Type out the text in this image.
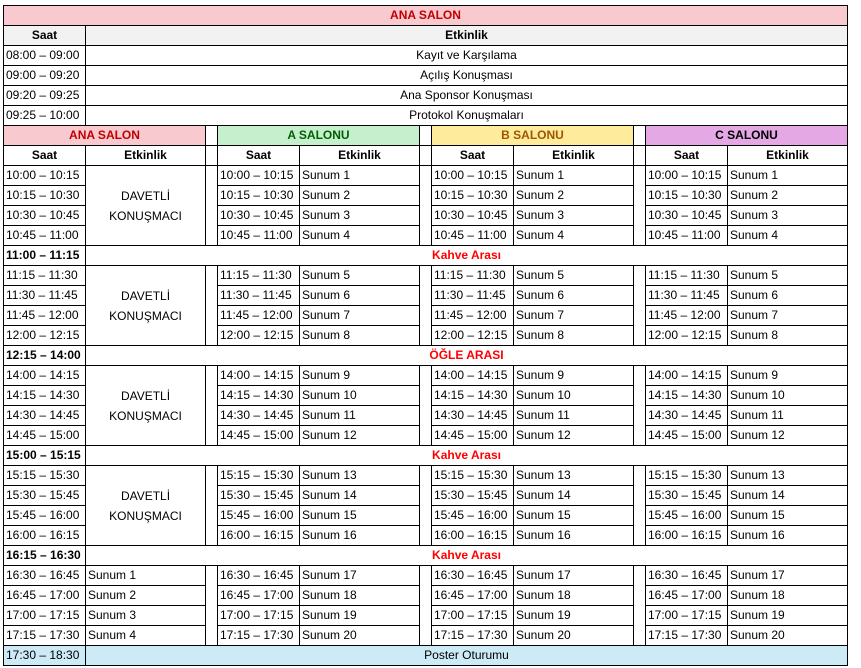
ANA SALON										
Saat	Etkinlik									
08:00 – 09:00	Kayıt ve Karşılama									
09:00 – 09:20	Açılış Konuşması									
09:20 – 09:25	Ana Sponsor Konuşması									
09:25 – 10:00	Protokol Konuşmaları									
ANA SALON			A SALONU			B SALONU			C SALONU	
Saat	Etkinlik		Saat	Etkinlik		Saat	Etkinlik		Saat	Etkinlik
10:00 – 10:15	DAVETLİ KONUŞMACI		10:00 – 10:15	Sunum 1		10:00 – 10:15	Sunum 1		10:00 – 10:15	Sunum 1
10:15 – 10:30			10:15 – 10:30	Sunum 2		10:15 – 10:30	Sunum 2		10:15 – 10:30	Sunum 2
10:30 – 10:45			10:30 – 10:45	Sunum 3		10:30 – 10:45	Sunum 3		10:30 – 10:45	Sunum 3
10:45 – 11:00			10:45 – 11:00	Sunum 4		10:45 – 11:00	Sunum 4		10:45 – 11:00	Sunum 4
11:00 – 11:15	Kahve Arası									
11:15 – 11:30	DAVETLİ KONUŞMACI		11:15 – 11:30	Sunum 5		11:15 – 11:30	Sunum 5		11:15 – 11:30	Sunum 5
11:30 – 11:45			11:30 – 11:45	Sunum 6		11:30 – 11:45	Sunum 6		11:30 – 11:45	Sunum 6
11:45 – 12:00			11:45 – 12:00	Sunum 7		11:45 – 12:00	Sunum 7		11:45 – 12:00	Sunum 7
12:00 – 12:15			12:00 – 12:15	Sunum 8		12:00 – 12:15	Sunum 8		12:00 – 12:15	Sunum 8
12:15 – 14:00	ÖĞLE ARASI									
14:00 – 14:15	DAVETLİ KONUŞMACI		14:00 – 14:15	Sunum 9		14:00 – 14:15	Sunum 9		14:00 – 14:15	Sunum 9
14:15 – 14:30			14:15 – 14:30	Sunum 10		14:15 – 14:30	Sunum 10		14:15 – 14:30	Sunum 10
14:30 – 14:45			14:30 – 14:45	Sunum 11		14:30 – 14:45	Sunum 11		14:30 – 14:45	Sunum 11
14:45 – 15:00			14:45 – 15:00	Sunum 12		14:45 – 15:00	Sunum 12		14:45 – 15:00	Sunum 12
15:00 – 15:15	Kahve Arası									
15:15 – 15:30	DAVETLİ KONUŞMACI		15:15 – 15:30	Sunum 13		15:15 – 15:30	Sunum 13		15:15 – 15:30	Sunum 13
15:30 – 15:45			15:30 – 15:45	Sunum 14		15:30 – 15:45	Sunum 14		15:30 – 15:45	Sunum 14
15:45 – 16:00			15:45 – 16:00	Sunum 15		15:45 – 16:00	Sunum 15		15:45 – 16:00	Sunum 15
16:00 – 16:15			16:00 – 16:15	Sunum 16		16:00 – 16:15	Sunum 16		16:00 – 16:15	Sunum 16
16:15 – 16:30	Kahve Arası									
16:30 – 16:45	Sunum 1		16:30 – 16:45	Sunum 17		16:30 – 16:45	Sunum 17		16:30 – 16:45	Sunum 17
16:45 – 17:00	Sunum 2		16:45 – 17:00	Sunum 18		16:45 – 17:00	Sunum 18		16:45 – 17:00	Sunum 18
17:00 – 17:15	Sunum 3		17:00 – 17:15	Sunum 19		17:00 – 17:15	Sunum 19		17:00 – 17:15	Sunum 19
17:15 – 17:30	Sunum 4		17:15 – 17:30	Sunum 20		17:15 – 17:30	Sunum 20		17:15 – 17:30	Sunum 20
17:30 – 18:30	Poster Oturumu									
